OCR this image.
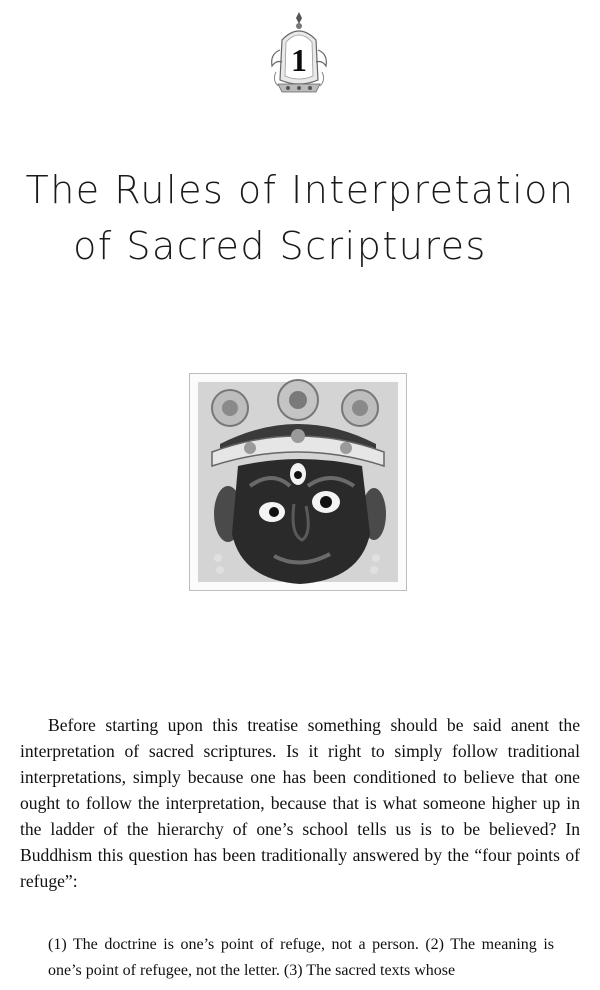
1
The Rules of Interpretation
of Sacred Scriptures

Before starting upon this treatise something should be said anent the interpretation of sacred scriptures. Is it right to simply follow traditional interpretations, simply because one has been conditioned to believe that one ought to follow the interpretation, because that is what someone higher up in the ladder of the hierarchy of one’s school tells us is to be believed? In Buddhism this question has been traditionally answered by the “four points of refuge”:

(1) The doctrine is one’s point of refuge, not a person. (2) The meaning is one’s point of refugee, not the letter. (3) The sacred texts whose
